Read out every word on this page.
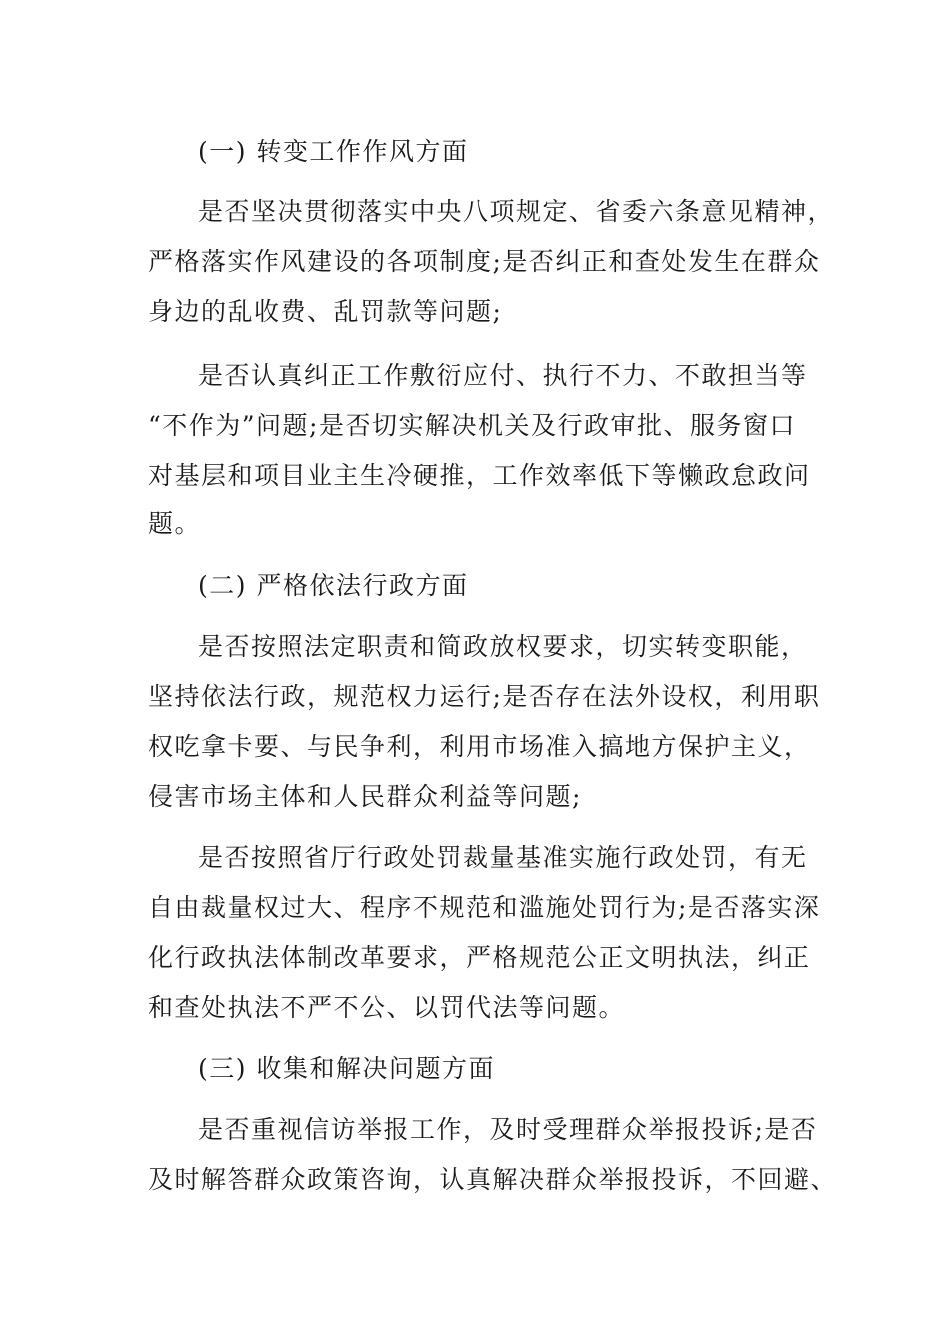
(一) 转变工作作风方面
是否坚决贯彻落实中央八项规定、省委六条意见精神，
严格落实作风建设的各项制度;是否纠正和查处发生在群众
身边的乱收费、乱罚款等问题;
是否认真纠正工作敷衍应付、执行不力、不敢担当等
“不作为”问题;是否切实解决机关及行政审批、服务窗口
对基层和项目业主生冷硬推，工作效率低下等懒政怠政问
题。
(二) 严格依法行政方面
是否按照法定职责和简政放权要求，切实转变职能，
坚持依法行政，规范权力运行;是否存在法外设权，利用职
权吃拿卡要、与民争利，利用市场准入搞地方保护主义，
侵害市场主体和人民群众利益等问题;
是否按照省厅行政处罚裁量基准实施行政处罚，有无
自由裁量权过大、程序不规范和滥施处罚行为;是否落实深
化行政执法体制改革要求，严格规范公正文明执法，纠正
和查处执法不严不公、以罚代法等问题。
(三) 收集和解决问题方面
是否重视信访举报工作，及时受理群众举报投诉;是否
及时解答群众政策咨询，认真解决群众举报投诉，不回避、
